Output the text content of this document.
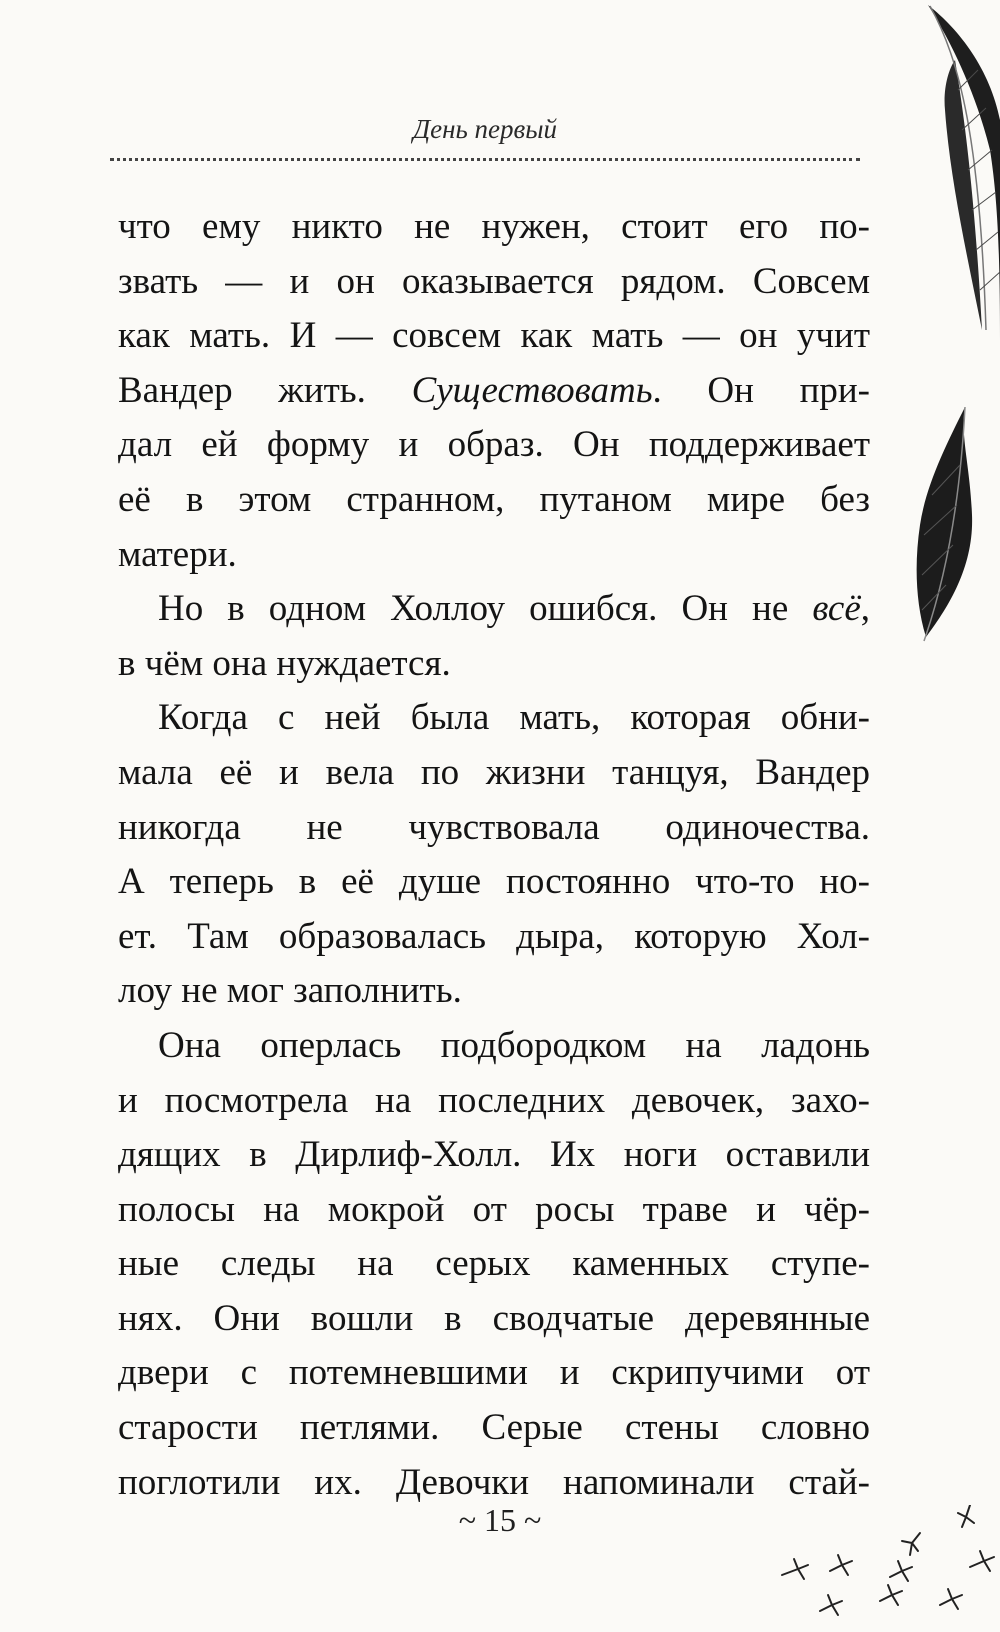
День первый
что ему никто не нужен, стоит его по-
звать — и он оказывается рядом. Совсем
как мать. И — совсем как мать — он учит
Вандер жить. Существовать. Он при-
дал ей форму и образ. Он поддерживает
её в этом странном, путаном мире без
матери.
Но в одном Холлоу ошибся. Он не всё,
в чём она нуждается.
Когда с ней была мать, которая обни-
мала её и вела по жизни танцуя, Вандер
никогда не чувствовала одиночества.
А теперь в её душе постоянно что-то но-
ет. Там образовалась дыра, которую Хол-
лоу не мог заполнить.
Она оперлась подбородком на ладонь
и посмотрела на последних девочек, захо-
дящих в Дирлиф-Холл. Их ноги оставили
полосы на мокрой от росы траве и чёр-
ные следы на серых каменных ступе-
нях. Они вошли в сводчатые деревянные
двери с потемневшими и скрипучими от
старости петлями. Серые стены словно
поглотили их. Девочки напоминали стай-
~ 15 ~
